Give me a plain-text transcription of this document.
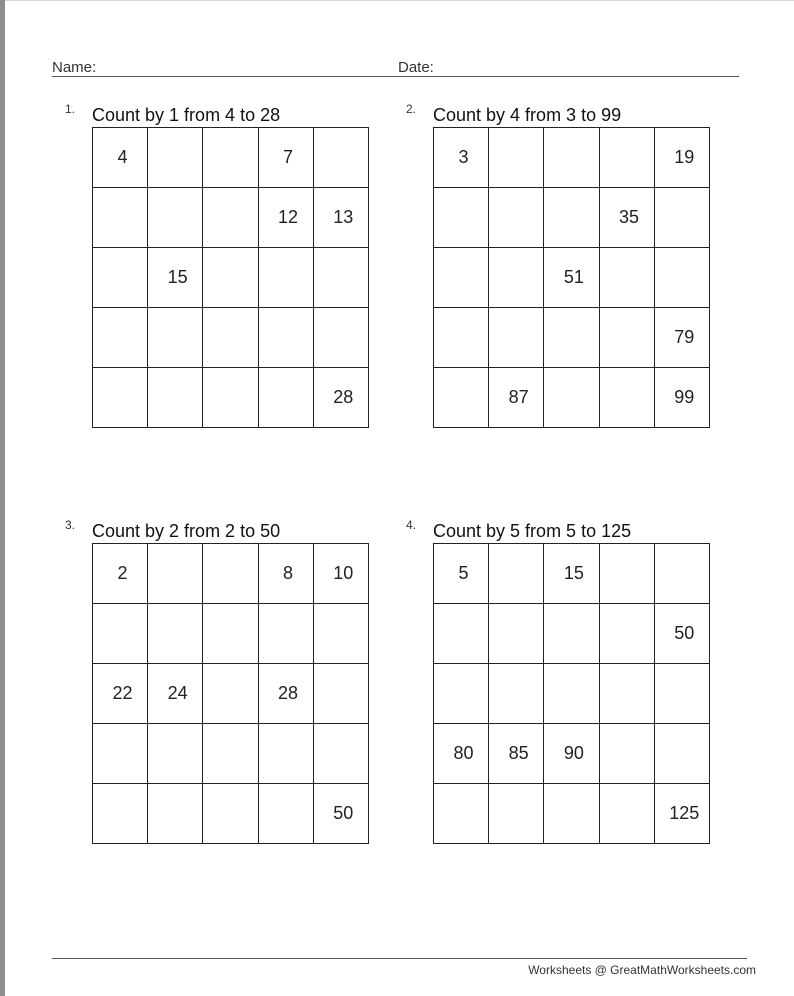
Name:	Date:
1. Count by 1 from 4 to 28
4			7	

			12	13

	15			

				28
2. Count by 4 from 3 to 99
3				19

			35	

		51		

				79

	87			99
3. Count by 2 from 2 to 50
2			8	10

22	24		28	

				50
4. Count by 5 from 5 to 125
5		15		

				50

80	85	90		

				125
Worksheets @ GreatMathWorksheets.com
